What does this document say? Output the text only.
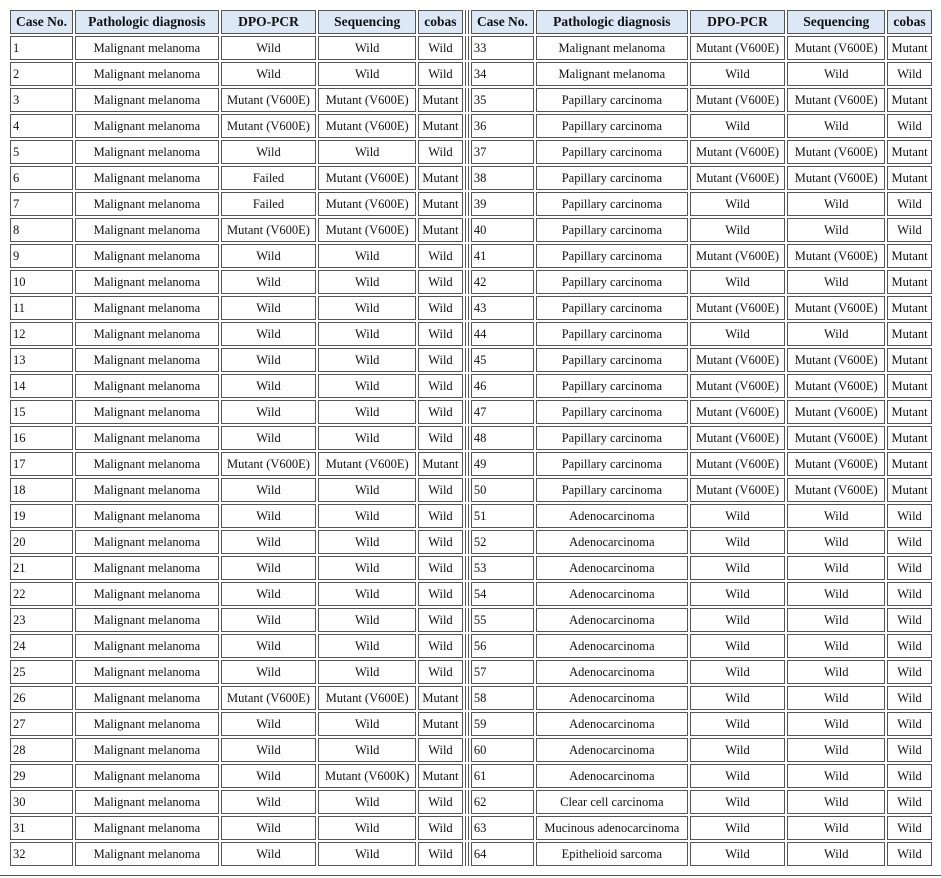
Case No.	Pathologic diagnosis	DPO-PCR	Sequencing	cobas		Case No.	Pathologic diagnosis	DPO-PCR	Sequencing	cobas
1	Malignant melanoma	Wild	Wild	Wild		33	Malignant melanoma	Mutant (V600E)	Mutant (V600E)	Mutant
2	Malignant melanoma	Wild	Wild	Wild		34	Malignant melanoma	Wild	Wild	Wild
3	Malignant melanoma	Mutant (V600E)	Mutant (V600E)	Mutant		35	Papillary carcinoma	Mutant (V600E)	Mutant (V600E)	Mutant
4	Malignant melanoma	Mutant (V600E)	Mutant (V600E)	Mutant		36	Papillary carcinoma	Wild	Wild	Wild
5	Malignant melanoma	Wild	Wild	Wild		37	Papillary carcinoma	Mutant (V600E)	Mutant (V600E)	Mutant
6	Malignant melanoma	Failed	Mutant (V600E)	Mutant		38	Papillary carcinoma	Mutant (V600E)	Mutant (V600E)	Mutant
7	Malignant melanoma	Failed	Mutant (V600E)	Mutant		39	Papillary carcinoma	Wild	Wild	Wild
8	Malignant melanoma	Mutant (V600E)	Mutant (V600E)	Mutant		40	Papillary carcinoma	Wild	Wild	Wild
9	Malignant melanoma	Wild	Wild	Wild		41	Papillary carcinoma	Mutant (V600E)	Mutant (V600E)	Mutant
10	Malignant melanoma	Wild	Wild	Wild		42	Papillary carcinoma	Wild	Wild	Mutant
11	Malignant melanoma	Wild	Wild	Wild		43	Papillary carcinoma	Mutant (V600E)	Mutant (V600E)	Mutant
12	Malignant melanoma	Wild	Wild	Wild		44	Papillary carcinoma	Wild	Wild	Mutant
13	Malignant melanoma	Wild	Wild	Wild		45	Papillary carcinoma	Mutant (V600E)	Mutant (V600E)	Mutant
14	Malignant melanoma	Wild	Wild	Wild		46	Papillary carcinoma	Mutant (V600E)	Mutant (V600E)	Mutant
15	Malignant melanoma	Wild	Wild	Wild		47	Papillary carcinoma	Mutant (V600E)	Mutant (V600E)	Mutant
16	Malignant melanoma	Wild	Wild	Wild		48	Papillary carcinoma	Mutant (V600E)	Mutant (V600E)	Mutant
17	Malignant melanoma	Mutant (V600E)	Mutant (V600E)	Mutant		49	Papillary carcinoma	Mutant (V600E)	Mutant (V600E)	Mutant
18	Malignant melanoma	Wild	Wild	Wild		50	Papillary carcinoma	Mutant (V600E)	Mutant (V600E)	Mutant
19	Malignant melanoma	Wild	Wild	Wild		51	Adenocarcinoma	Wild	Wild	Wild
20	Malignant melanoma	Wild	Wild	Wild		52	Adenocarcinoma	Wild	Wild	Wild
21	Malignant melanoma	Wild	Wild	Wild		53	Adenocarcinoma	Wild	Wild	Wild
22	Malignant melanoma	Wild	Wild	Wild		54	Adenocarcinoma	Wild	Wild	Wild
23	Malignant melanoma	Wild	Wild	Wild		55	Adenocarcinoma	Wild	Wild	Wild
24	Malignant melanoma	Wild	Wild	Wild		56	Adenocarcinoma	Wild	Wild	Wild
25	Malignant melanoma	Wild	Wild	Wild		57	Adenocarcinoma	Wild	Wild	Wild
26	Malignant melanoma	Mutant (V600E)	Mutant (V600E)	Mutant		58	Adenocarcinoma	Wild	Wild	Wild
27	Malignant melanoma	Wild	Wild	Mutant		59	Adenocarcinoma	Wild	Wild	Wild
28	Malignant melanoma	Wild	Wild	Wild		60	Adenocarcinoma	Wild	Wild	Wild
29	Malignant melanoma	Wild	Mutant (V600K)	Mutant		61	Adenocarcinoma	Wild	Wild	Wild
30	Malignant melanoma	Wild	Wild	Wild		62	Clear cell carcinoma	Wild	Wild	Wild
31	Malignant melanoma	Wild	Wild	Wild		63	Mucinous adenocarcinoma	Wild	Wild	Wild
32	Malignant melanoma	Wild	Wild	Wild		64	Epithelioid sarcoma	Wild	Wild	Wild
